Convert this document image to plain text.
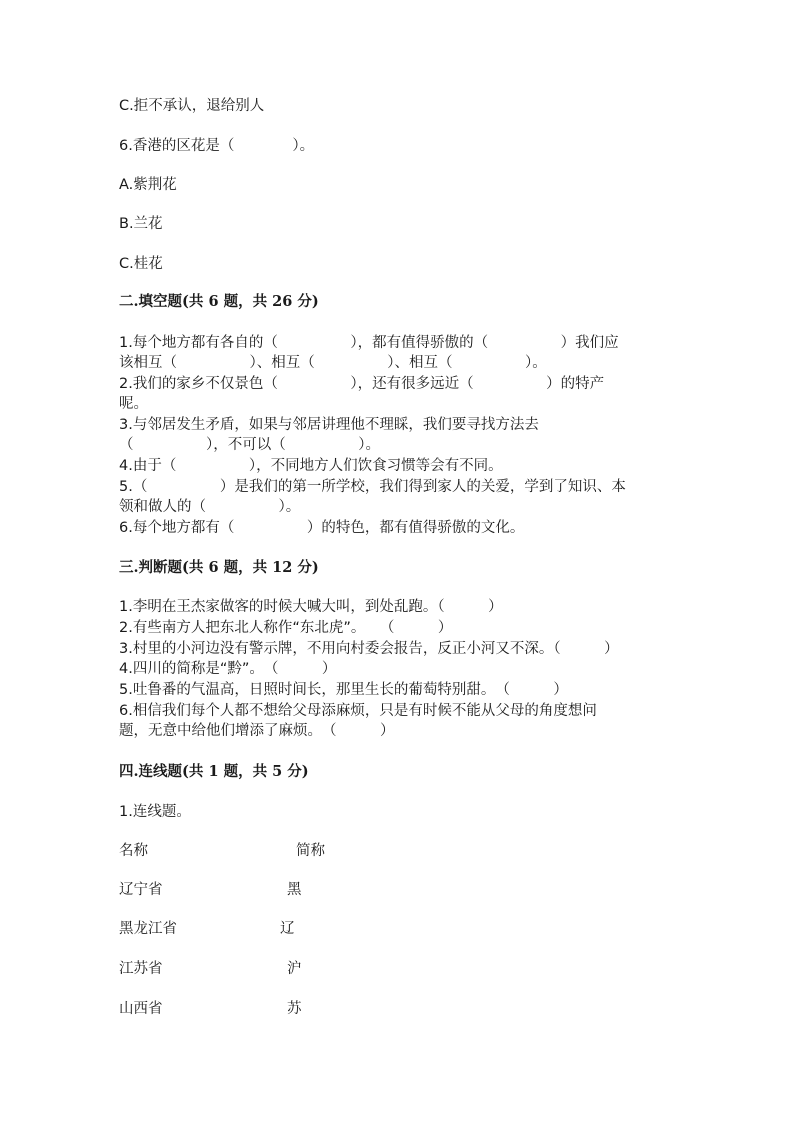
C.拒不承认，退给别人
6.香港的区花是（　　　　）。
A.紫荆花
B.兰花
C.桂花
二.填空题(共 6 题，共 26 分)
1.每个地方都有各自的（　　　　　），都有值得骄傲的（　　　　　）我们应
该相互（　　　　　）、相互（　　　　　）、相互（　　　　　）。
2.我们的家乡不仅景色（　　　　　），还有很多远近（　　　　　）的特产
呢。
3.与邻居发生矛盾，如果与邻居讲理他不理睬，我们要寻找方法去
（　　　　　），不可以（　　　　　）。
4.由于（　　　　　），不同地方人们饮食习惯等会有不同。
5.（　　　　　）是我们的第一所学校，我们得到家人的关爱，学到了知识、本
领和做人的（　　　　　）。
6.每个地方都有（　　　　　）的特色，都有值得骄傲的文化。
三.判断题(共 6 题，共 12 分)
1.李明在王杰家做客的时候大喊大叫，到处乱跑。（　　　）
2.有些南方人把东北人称作“东北虎”。　　（　　　）
3.村里的小河边没有警示牌，不用向村委会报告，反正小河又不深。（　　　）
4.四川的简称是“黔”。　（　　　）
5.吐鲁番的气温高，日照时间长，那里生长的葡萄特别甜。　（　　　）
6.相信我们每个人都不想给父母添麻烦，只是有时候不能从父母的角度想问
题，无意中给他们增添了麻烦。　（　　　）
四.连线题(共 1 题，共 5 分)
1.连线题。
名称	简称
辽宁省	黑
黑龙江省	辽
江苏省	沪
山西省	苏
